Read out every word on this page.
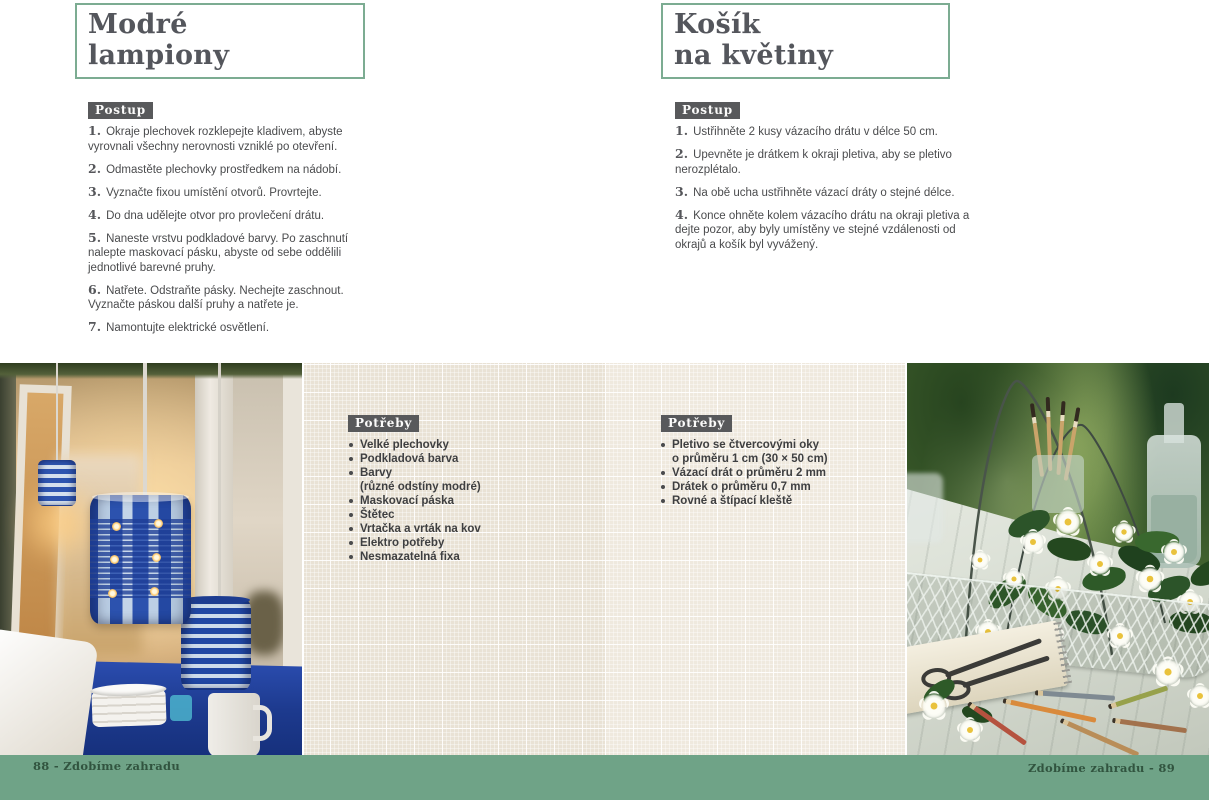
Modré
lampiony
Postup

1. Okraje plechovek rozklepejte kladivem, abyste vyrovnali všechny nerovnosti vzniklé po otevření.

2. Odmastěte plechovky prostředkem na nádobí.

3. Vyznačte fixou umístění otvorů. Provrtejte.

4. Do dna udělejte otvor pro provlečení drátu.

5. Naneste vrstvu podkladové barvy. Po zaschnutí nalepte maskovací pásku, abyste od sebe oddělili jednotlivé barevné pruhy.

6. Natřete. Odstraňte pásky. Nechejte zaschnout. Vyznačte páskou další pruhy a natřete je.

7. Namontujte elektrické osvětlení.

Košík
na květiny
Postup

1. Ustřihněte 2 kusy vázacího drátu v délce 50 cm.

2. Upevněte je drátkem k okraji pletiva, aby se pletivo nerozplétalo.

3. Na obě ucha ustřihněte vázací dráty o stejné délce.

4. Konce ohněte kolem vázacího drátu na okraji pletiva a dejte pozor, aby byly umístěny ve stejné vzdálenosti od okrajů a košík byl vyvážený.

Potřeby
Velké plechovky
Podkladová barva
Barvy
(různé odstíny modré)
Maskovací páska
Štětec
Vrtačka a vrták na kov
Elektro potřeby
Nesmazatelná fixa
Potřeby
Pletivo se čtvercovými oky
o průměru 1 cm (30 × 50 cm)
Vázací drát o průměru 2 mm
Drátek o průměru 0,7 mm
Rovné a štípací kleště
88 - Zdobíme zahradu	Zdobíme zahradu - 89
